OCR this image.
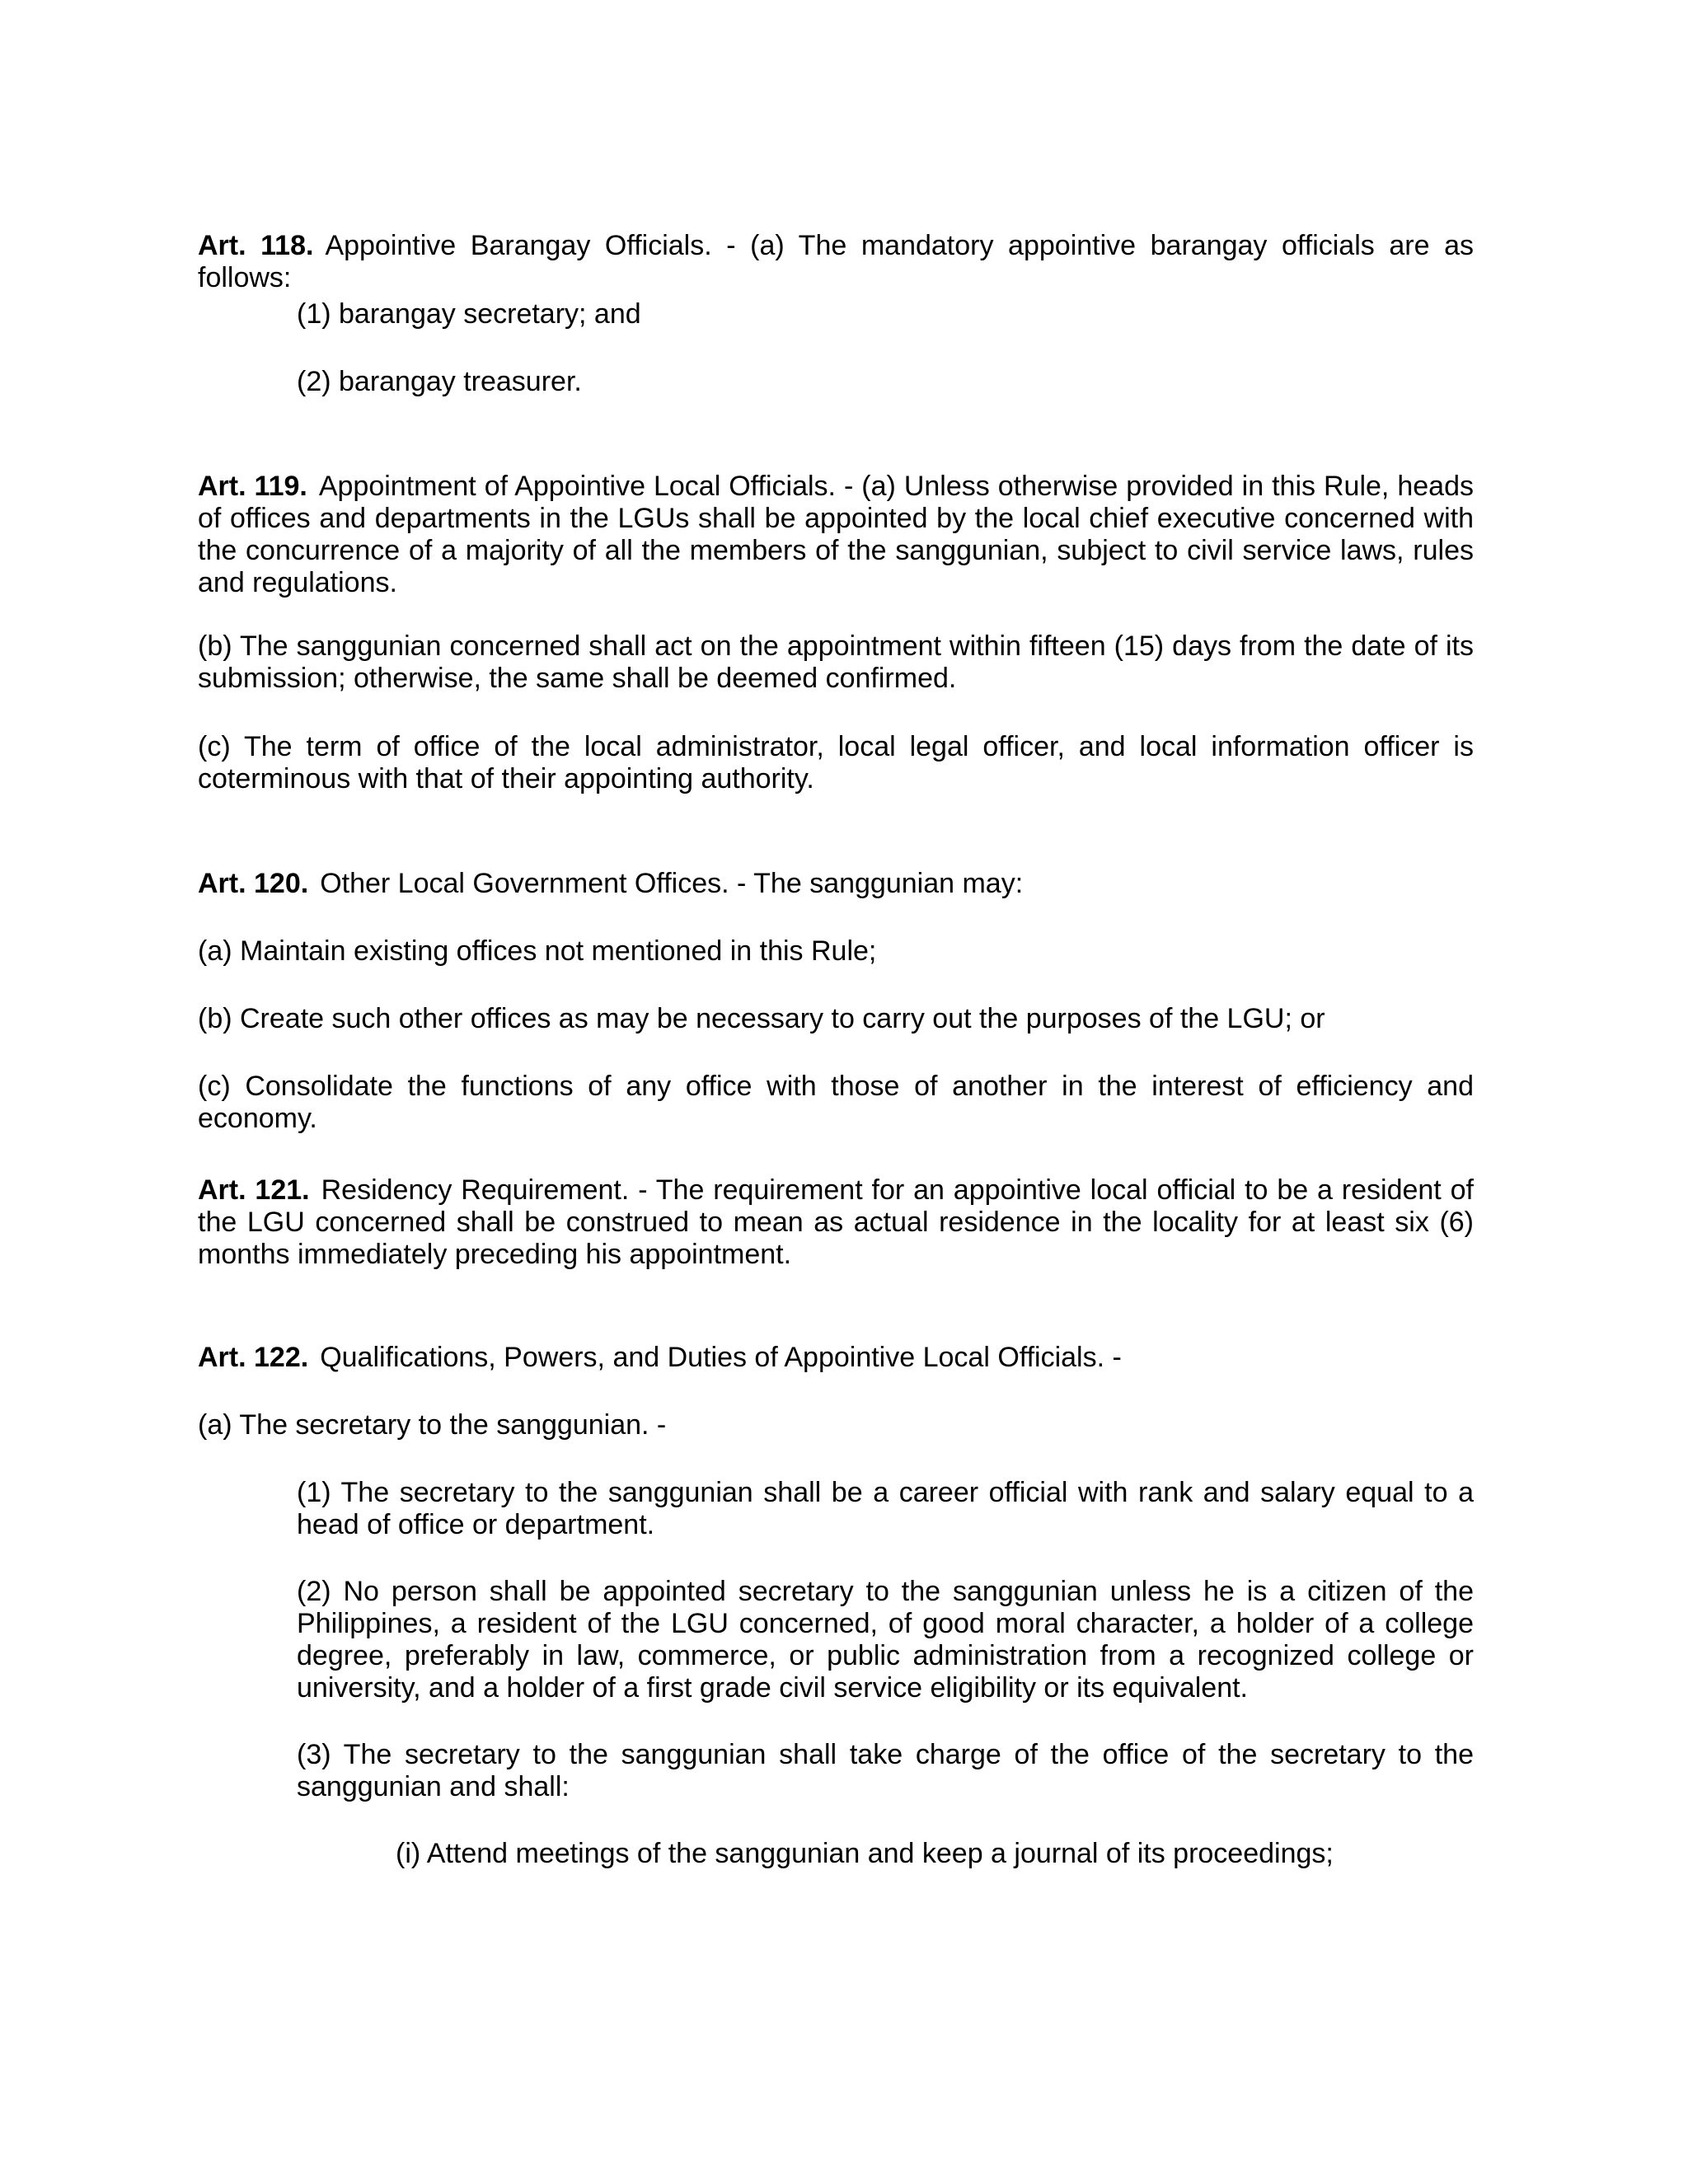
Art. 118. Appointive Barangay Officials. - (a) The mandatory appointive barangay officials are as follows:

(1) barangay secretary; and

(2) barangay treasurer.

Art. 119. Appointment of Appointive Local Officials. - (a) Unless otherwise provided in this Rule, heads of offices and departments in the LGUs shall be appointed by the local chief executive concerned with the concurrence of a majority of all the members of the sanggunian, subject to civil service laws, rules and regulations.

(b) The sanggunian concerned shall act on the appointment within fifteen (15) days from the date of its submission; otherwise, the same shall be deemed confirmed.

(c) The term of office of the local administrator, local legal officer, and local information officer is coterminous with that of their appointing authority.

Art. 120. Other Local Government Offices. - The sanggunian may:

(a) Maintain existing offices not mentioned in this Rule;

(b) Create such other offices as may be necessary to carry out the purposes of the LGU; or

(c) Consolidate the functions of any office with those of another in the interest of efficiency and economy.

Art. 121. Residency Requirement. - The requirement for an appointive local official to be a resident of the LGU concerned shall be construed to mean as actual residence in the locality for at least six (6) months immediately preceding his appointment.

Art. 122. Qualifications, Powers, and Duties of Appointive Local Officials. -

(a) The secretary to the sanggunian. -

(1) The secretary to the sanggunian shall be a career official with rank and salary equal to a head of office or department.

(2) No person shall be appointed secretary to the sanggunian unless he is a citizen of the Philippines, a resident of the LGU concerned, of good moral character, a holder of a college degree, preferably in law, commerce, or public administration from a recognized college or university, and a holder of a first grade civil service eligibility or its equivalent.

(3) The secretary to the sanggunian shall take charge of the office of the secretary to the sanggunian and shall:

(i) Attend meetings of the sanggunian and keep a journal of its proceedings;
